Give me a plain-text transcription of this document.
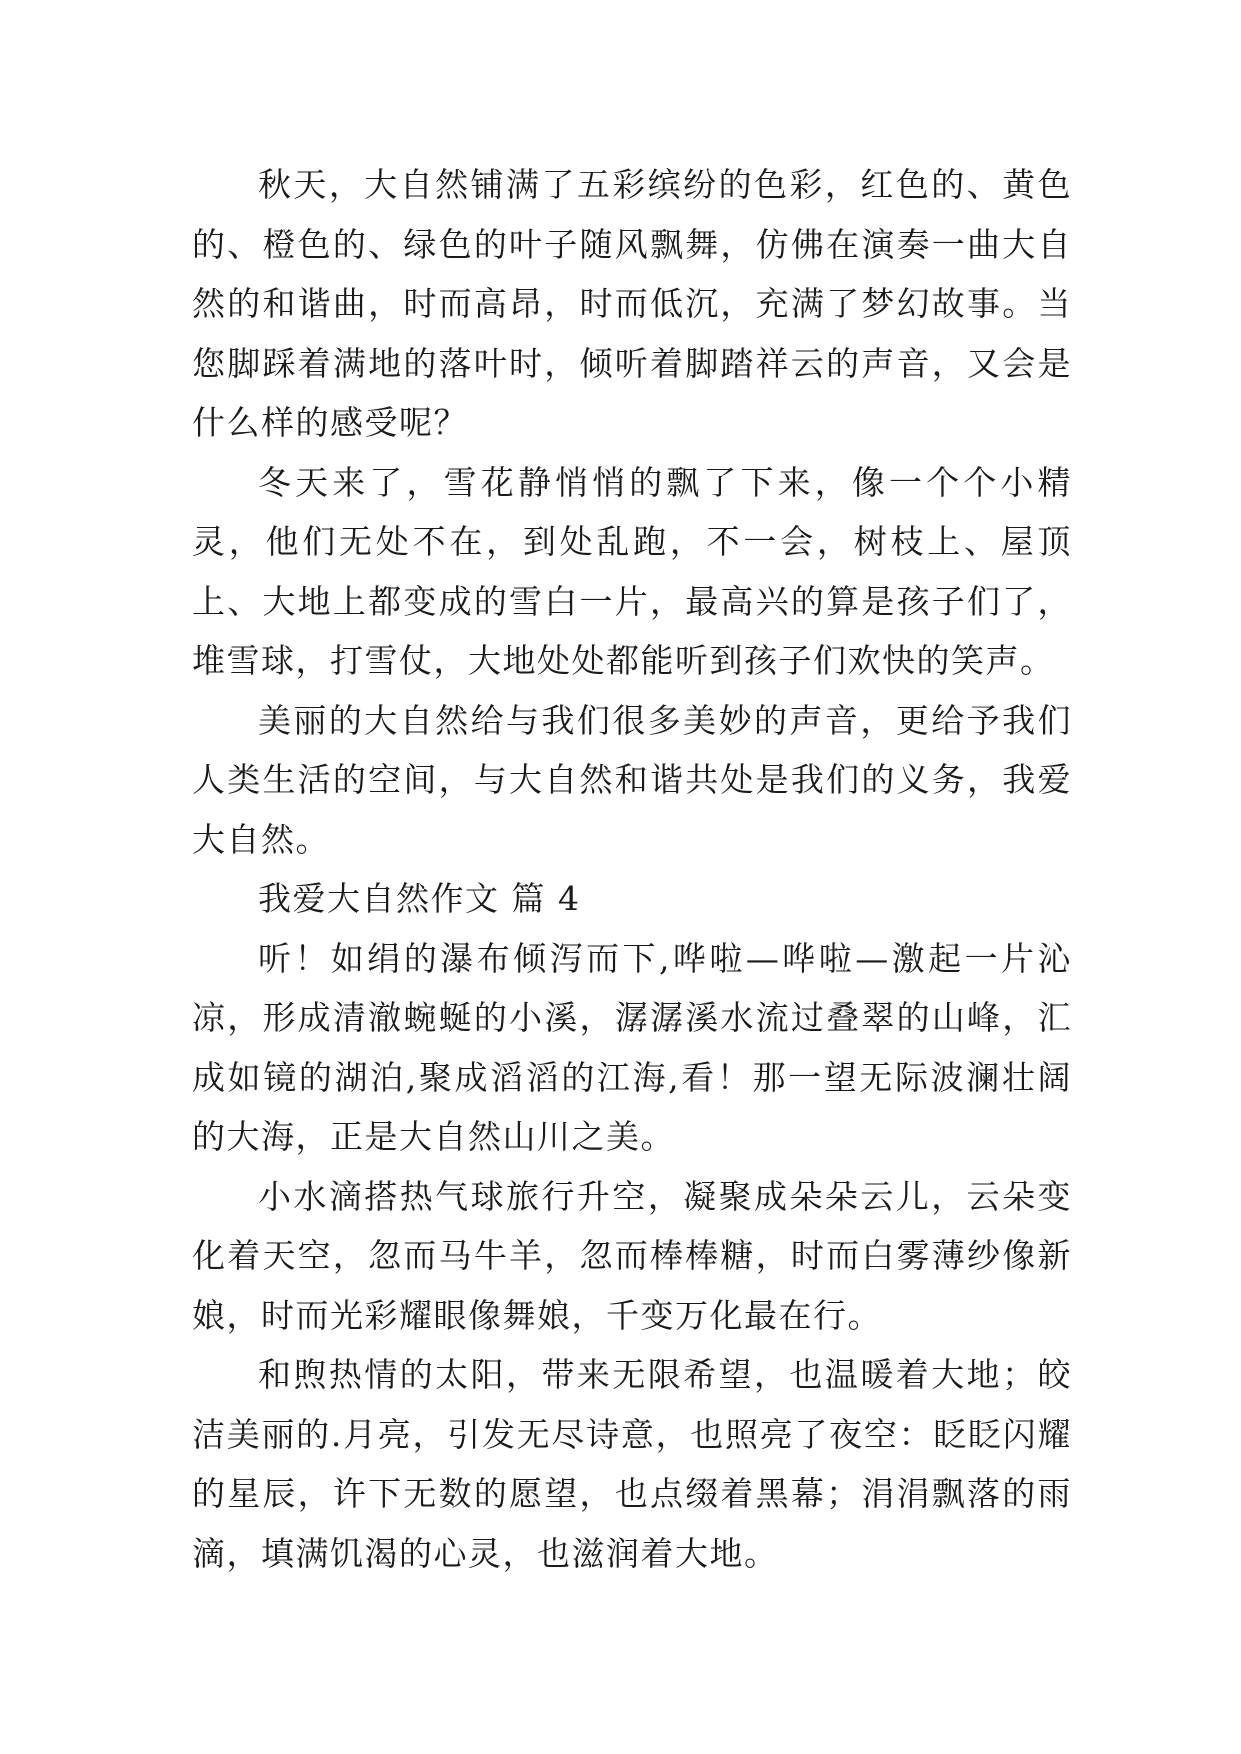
秋天，大自然铺满了五彩缤纷的色彩，红色的、黄色的、橙色的、绿色的叶子随风飘舞，仿佛在演奏一曲大自然的和谐曲，时而高昂，时而低沉，充满了梦幻故事。当您脚踩着满地的落叶时，倾听着脚踏祥云的声音，又会是什么样的感受呢？

冬天来了，雪花静悄悄的飘了下来，像一个个小精灵，他们无处不在，到处乱跑，不一会，树枝上、屋顶上、大地上都变成的雪白一片，最高兴的算是孩子们了，堆雪球，打雪仗，大地处处都能听到孩子们欢快的笑声。

美丽的大自然给与我们很多美妙的声音，更给予我们人类生活的空间，与大自然和谐共处是我们的义务，我爱大自然。

我爱大自然作文 篇 4

听！如绢的瀑布倾泻而下,哗啦—哗啦—激起一片沁凉，形成清澈蜿蜒的小溪，潺潺溪水流过叠翠的山峰，汇成如镜的湖泊,聚成滔滔的江海,看！那一望无际波澜壮阔的大海，正是大自然山川之美。

小水滴搭热气球旅行升空，凝聚成朵朵云儿，云朵变化着天空，忽而马牛羊，忽而棒棒糖，时而白雾薄纱像新娘，时而光彩耀眼像舞娘，千变万化最在行。

和煦热情的太阳，带来无限希望，也温暖着大地；皎洁美丽的.月亮，引发无尽诗意，也照亮了夜空：眨眨闪耀的星辰，许下无数的愿望，也点缀着黑幕；涓涓飘落的雨滴，填满饥渴的心灵，也滋润着大地。
